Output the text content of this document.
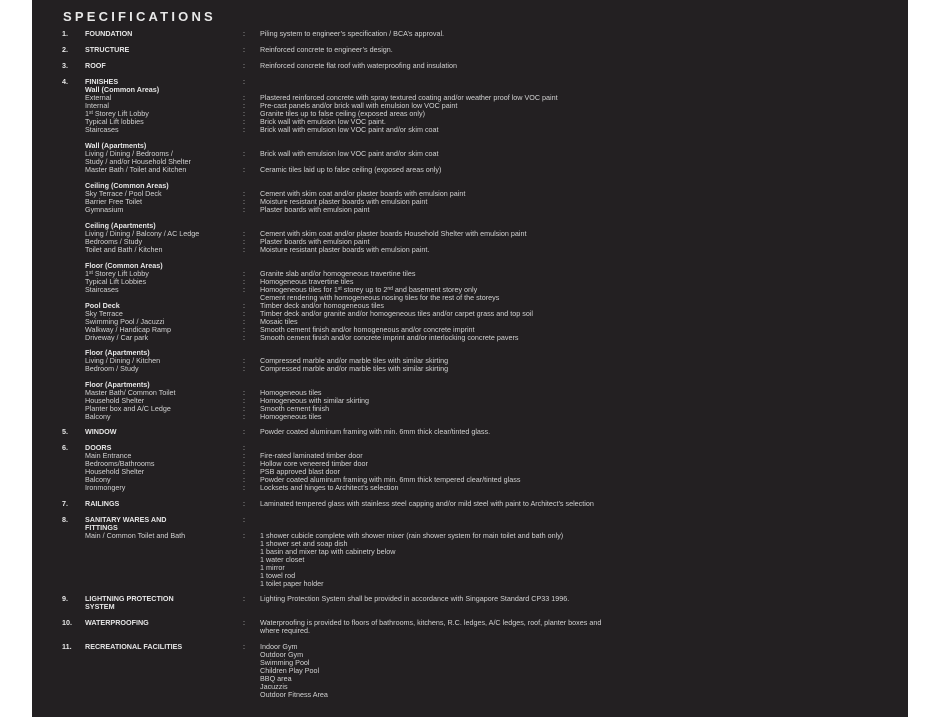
SPECIFICATIONS
1. FOUNDATION	: Piling system to engineer’s specification / BCA’s approval.
2. STRUCTURE	: Reinforced concrete to engineer’s design.
3. ROOF	: Reinforced concrete flat roof with waterproofing and insulation
4. FINISHES	:
Wall (Common Areas)
External	: Plastered reinforced concrete with spray textured coating and/or weather proof low VOC paint
Internal	: Pre-cast panels and/or brick wall with emulsion low VOC paint
1st Storey Lift Lobby	: Granite tiles up to false ceiling (exposed areas only)
Typical Lift lobbies	: Brick wall with emulsion low VOC paint.
Staircases	: Brick wall with emulsion low VOC paint and/or skim coat
Wall (Apartments)
Living / Dining / Bedrooms /
Study / and/or Household Shelter
: Brick wall with emulsion low VOC paint and/or skim coat
Master Bath / Toilet and Kitchen	: Ceramic tiles laid up to false ceiling (exposed areas only)
Ceiling (Common Areas)
Sky Terrace / Pool Deck	: Cement with skim coat and/or plaster boards with emulsion paint
Barrier Free Toilet	: Moisture resistant plaster boards with emulsion paint
Gymnasium	: Plaster boards with emulsion paint
Ceiling (Apartments)
Living / Dining / Balcony / AC Ledge	: Cement with skim coat and/or plaster boards Household Shelter with emulsion paint
Bedrooms / Study	: Plaster boards with emulsion paint
Toilet and Bath / Kitchen	: Moisture resistant plaster boards with emulsion paint.
Floor (Common Areas)
1st Storey Lift Lobby	: Granite slab and/or homogeneous travertine tiles
Typical Lift Lobbies	: Homogeneous travertine tiles
Staircases	: Homogeneous tiles for 1st storey up to 2nd and basement storey only
Cement rendering with homogeneous nosing tiles for the rest of the storeys
Pool Deck	: Timber deck and/or homogeneous tiles
Sky Terrace	: Timber deck and/or granite and/or homogeneous tiles and/or carpet grass and top soil
Swimming Pool / Jacuzzi	: Mosaic tiles
Walkway / Handicap Ramp	: Smooth cement finish and/or homogeneous and/or concrete imprint
Driveway / Car park	: Smooth cement finish and/or concrete imprint and/or interlocking concrete pavers
Floor (Apartments)
Living / Dining / Kitchen	: Compressed marble and/or marble tiles with similar skirting
Bedroom / Study	: Compressed marble and/or marble tiles with similar skirting
Floor (Apartments)
Master Bath/ Common Toilet	: Homogeneous tiles
Household Shelter	: Homogeneous with similar skirting
Planter box and A/C Ledge	: Smooth cement finish
Balcony	: Homogeneous tiles
5. WINDOW	: Powder coated aluminum framing with min. 6mm thick clear/tinted glass.
6. DOORS	:
Main Entrance	: Fire-rated laminated timber door
Bedrooms/Bathrooms	: Hollow core veneered timber door
Household Shelter	: PSB approved blast door
Balcony	: Powder coated aluminum framing with min. 6mm thick tempered clear/tinted glass
Ironmongery	: Locksets and hinges to Architect’s selection
7. RAILINGS	: Laminated tempered glass with stainless steel capping and/or mild steel with paint to Architect’s selection
8. SANITARY WARES AND
FITTINGS
:
Main / Common Toilet and Bath	: 1 shower cubicle complete with shower mixer (rain shower system for main toilet and bath only)
1 shower set and soap dish
1 basin and mixer tap with cabinetry below
1 water closet
1 mirror
1 towel rod
1 toilet paper holder
9. LIGHTNING PROTECTION
SYSTEM
: Lighting Protection System shall be provided in accordance with Singapore Standard CP33 1996.
10. WATERPROOFING	: Waterproofing is provided to floors of bathrooms, kitchens, R.C. ledges, A/C ledges, roof, planter boxes and
where required.
11. RECREATIONAL FACILITIES	: Indoor Gym
Outdoor Gym
Swimming Pool
Children Play Pool
BBQ area
Jacuzzis
Outdoor Fitness Area
